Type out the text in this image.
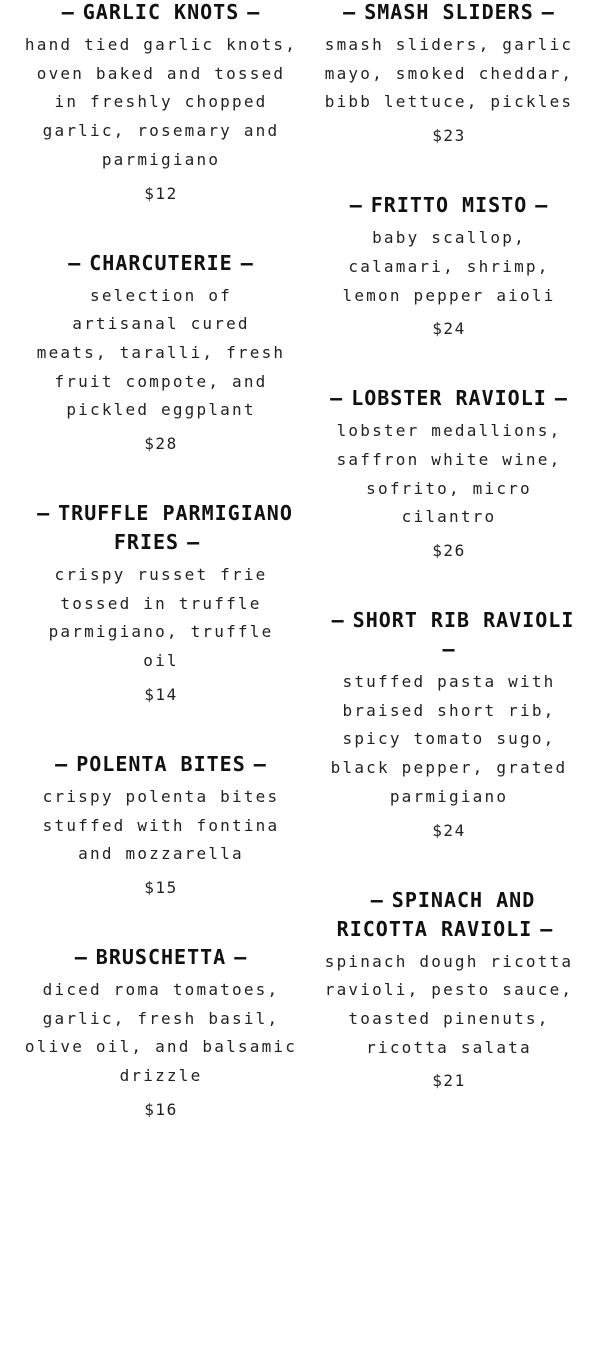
— GARLIC KNOTS —

hand tied garlic knots, oven baked and tossed in freshly chopped garlic, rosemary and parmigiano

$12

— CHARCUTERIE —

selection of artisanal cured meats, taralli, fresh fruit compote, and pickled eggplant

$28

— TRUFFLE PARMIGIANO FRIES —

crispy russet frie tossed in truffle parmigiano, truffle oil

$14

— POLENTA BITES —

crispy polenta bites stuffed with fontina and mozzarella

$15

— BRUSCHETTA —

diced roma tomatoes, garlic, fresh basil, olive oil, and balsamic drizzle

$16

— SMASH SLIDERS —

smash sliders, garlic mayo, smoked cheddar, bibb lettuce, pickles

$23

— FRITTO MISTO —

baby scallop, calamari, shrimp, lemon pepper aioli

$24

— LOBSTER RAVIOLI —

lobster medallions, saffron white wine, sofrito, micro cilantro

$26

— SHORT RIB RAVIOLI—

stuffed pasta with braised short rib, spicy tomato sugo, black pepper, grated parmigiano

$24

— SPINACH AND RICOTTA RAVIOLI —

spinach dough ricotta ravioli, pesto sauce, toasted pinenuts, ricotta salata

$21
